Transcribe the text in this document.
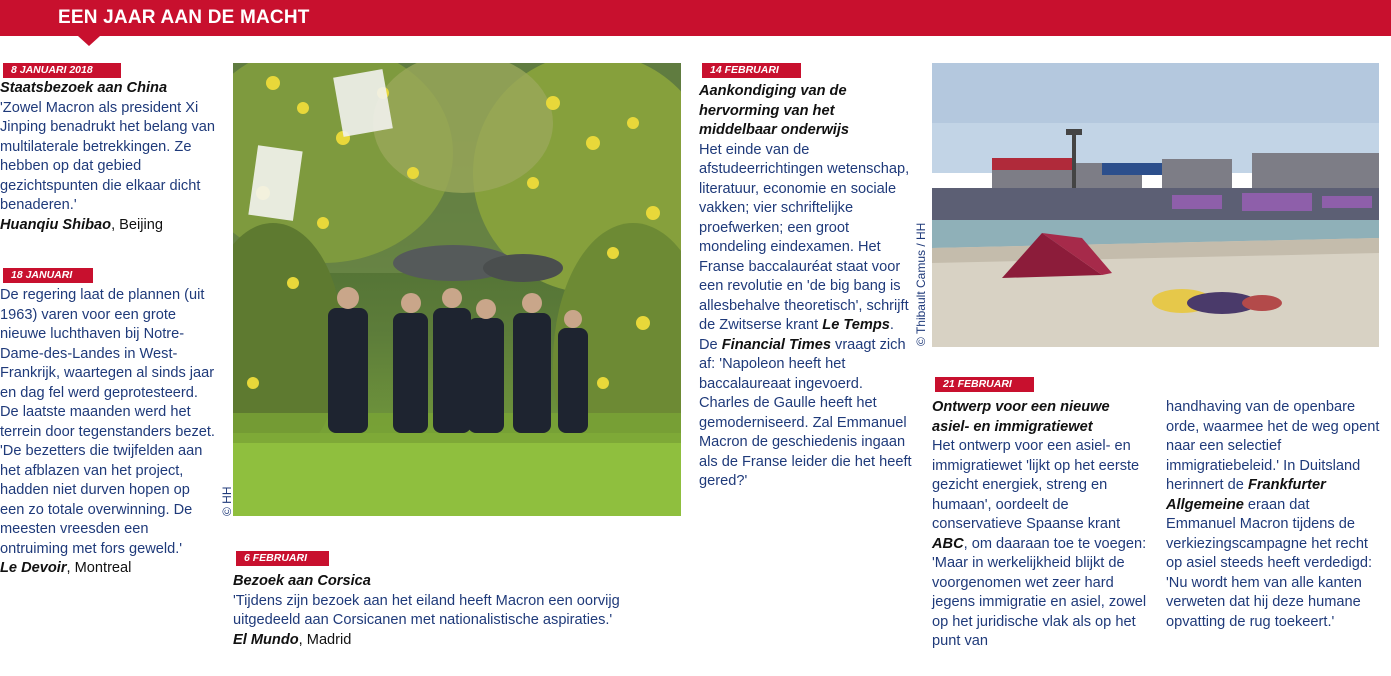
EEN JAAR AAN DE MACHT
8 JANUARI 2018

Staatsbezoek aan China

'Zowel Macron als president Xi Jinping benadrukt het belang van multilaterale betrekkingen. Ze hebben op dat gebied gezichtspunten die elkaar dicht benaderen.'
Huanqiu Shibao, Beijing

18 JANUARI

De regering laat de plannen (uit 1963) varen voor een grote nieuwe luchthaven bij Notre-Dame-des-Landes in West-Frankrijk, waartegen al sinds jaar en dag fel werd geprotesteerd. De laatste maanden werd het terrein door tegenstanders bezet. 'De bezetters die twijfelden aan het afblazen van het project, hadden niet durven hopen op een zo totale overwinning. De meesten vreesden een ontruiming met fors geweld.'
Le Devoir, Montreal

© HH
6 FEBRUARI

Bezoek aan Corsica

'Tijdens zijn bezoek aan het eiland heeft Macron een oorvijg uitgedeeld aan Corsicanen met nationalistische aspiraties.'
El Mundo, Madrid

14 FEBRUARI

Aankondiging van de hervorming van het middelbaar onderwijs

Het einde van de afstudeerrichtingen wetenschap, literatuur, economie en sociale vakken; vier schriftelijke proefwerken; een groot mondeling eindexamen. Het Franse baccalauréat staat voor een revolutie en 'de big bang is allesbehalve theoretisch', schrijft de Zwitserse krant Le Temps. De Financial Times vraagt zich af: 'Napoleon heeft het baccalaureaat ingevoerd. Charles de Gaulle heeft het gemoderniseerd. Zal Emmanuel Macron de geschiedenis ingaan als de Franse leider die het heeft gered?'

© Thibault Camus / HH
21 FEBRUARI

Ontwerp voor een nieuwe asiel- en immigratiewet

Het ontwerp voor een asiel- en immigratiewet 'lijkt op het eerste gezicht energiek, streng en humaan', oordeelt de conservatieve Spaanse krant ABC, om daaraan toe te voegen: 'Maar in werkelijkheid blijkt de voorgenomen wet zeer hard jegens immigratie en asiel, zowel op het juridische vlak als op het punt van

handhaving van de openbare orde, waarmee het de weg opent naar een selectief immigratiebeleid.' In Duitsland herinnert de Frankfurter Allgemeine eraan dat Emmanuel Macron tijdens de verkiezingscampagne het recht op asiel steeds heeft verdedigd: 'Nu wordt hem van alle kanten verweten dat hij deze humane opvatting de rug toekeert.'
